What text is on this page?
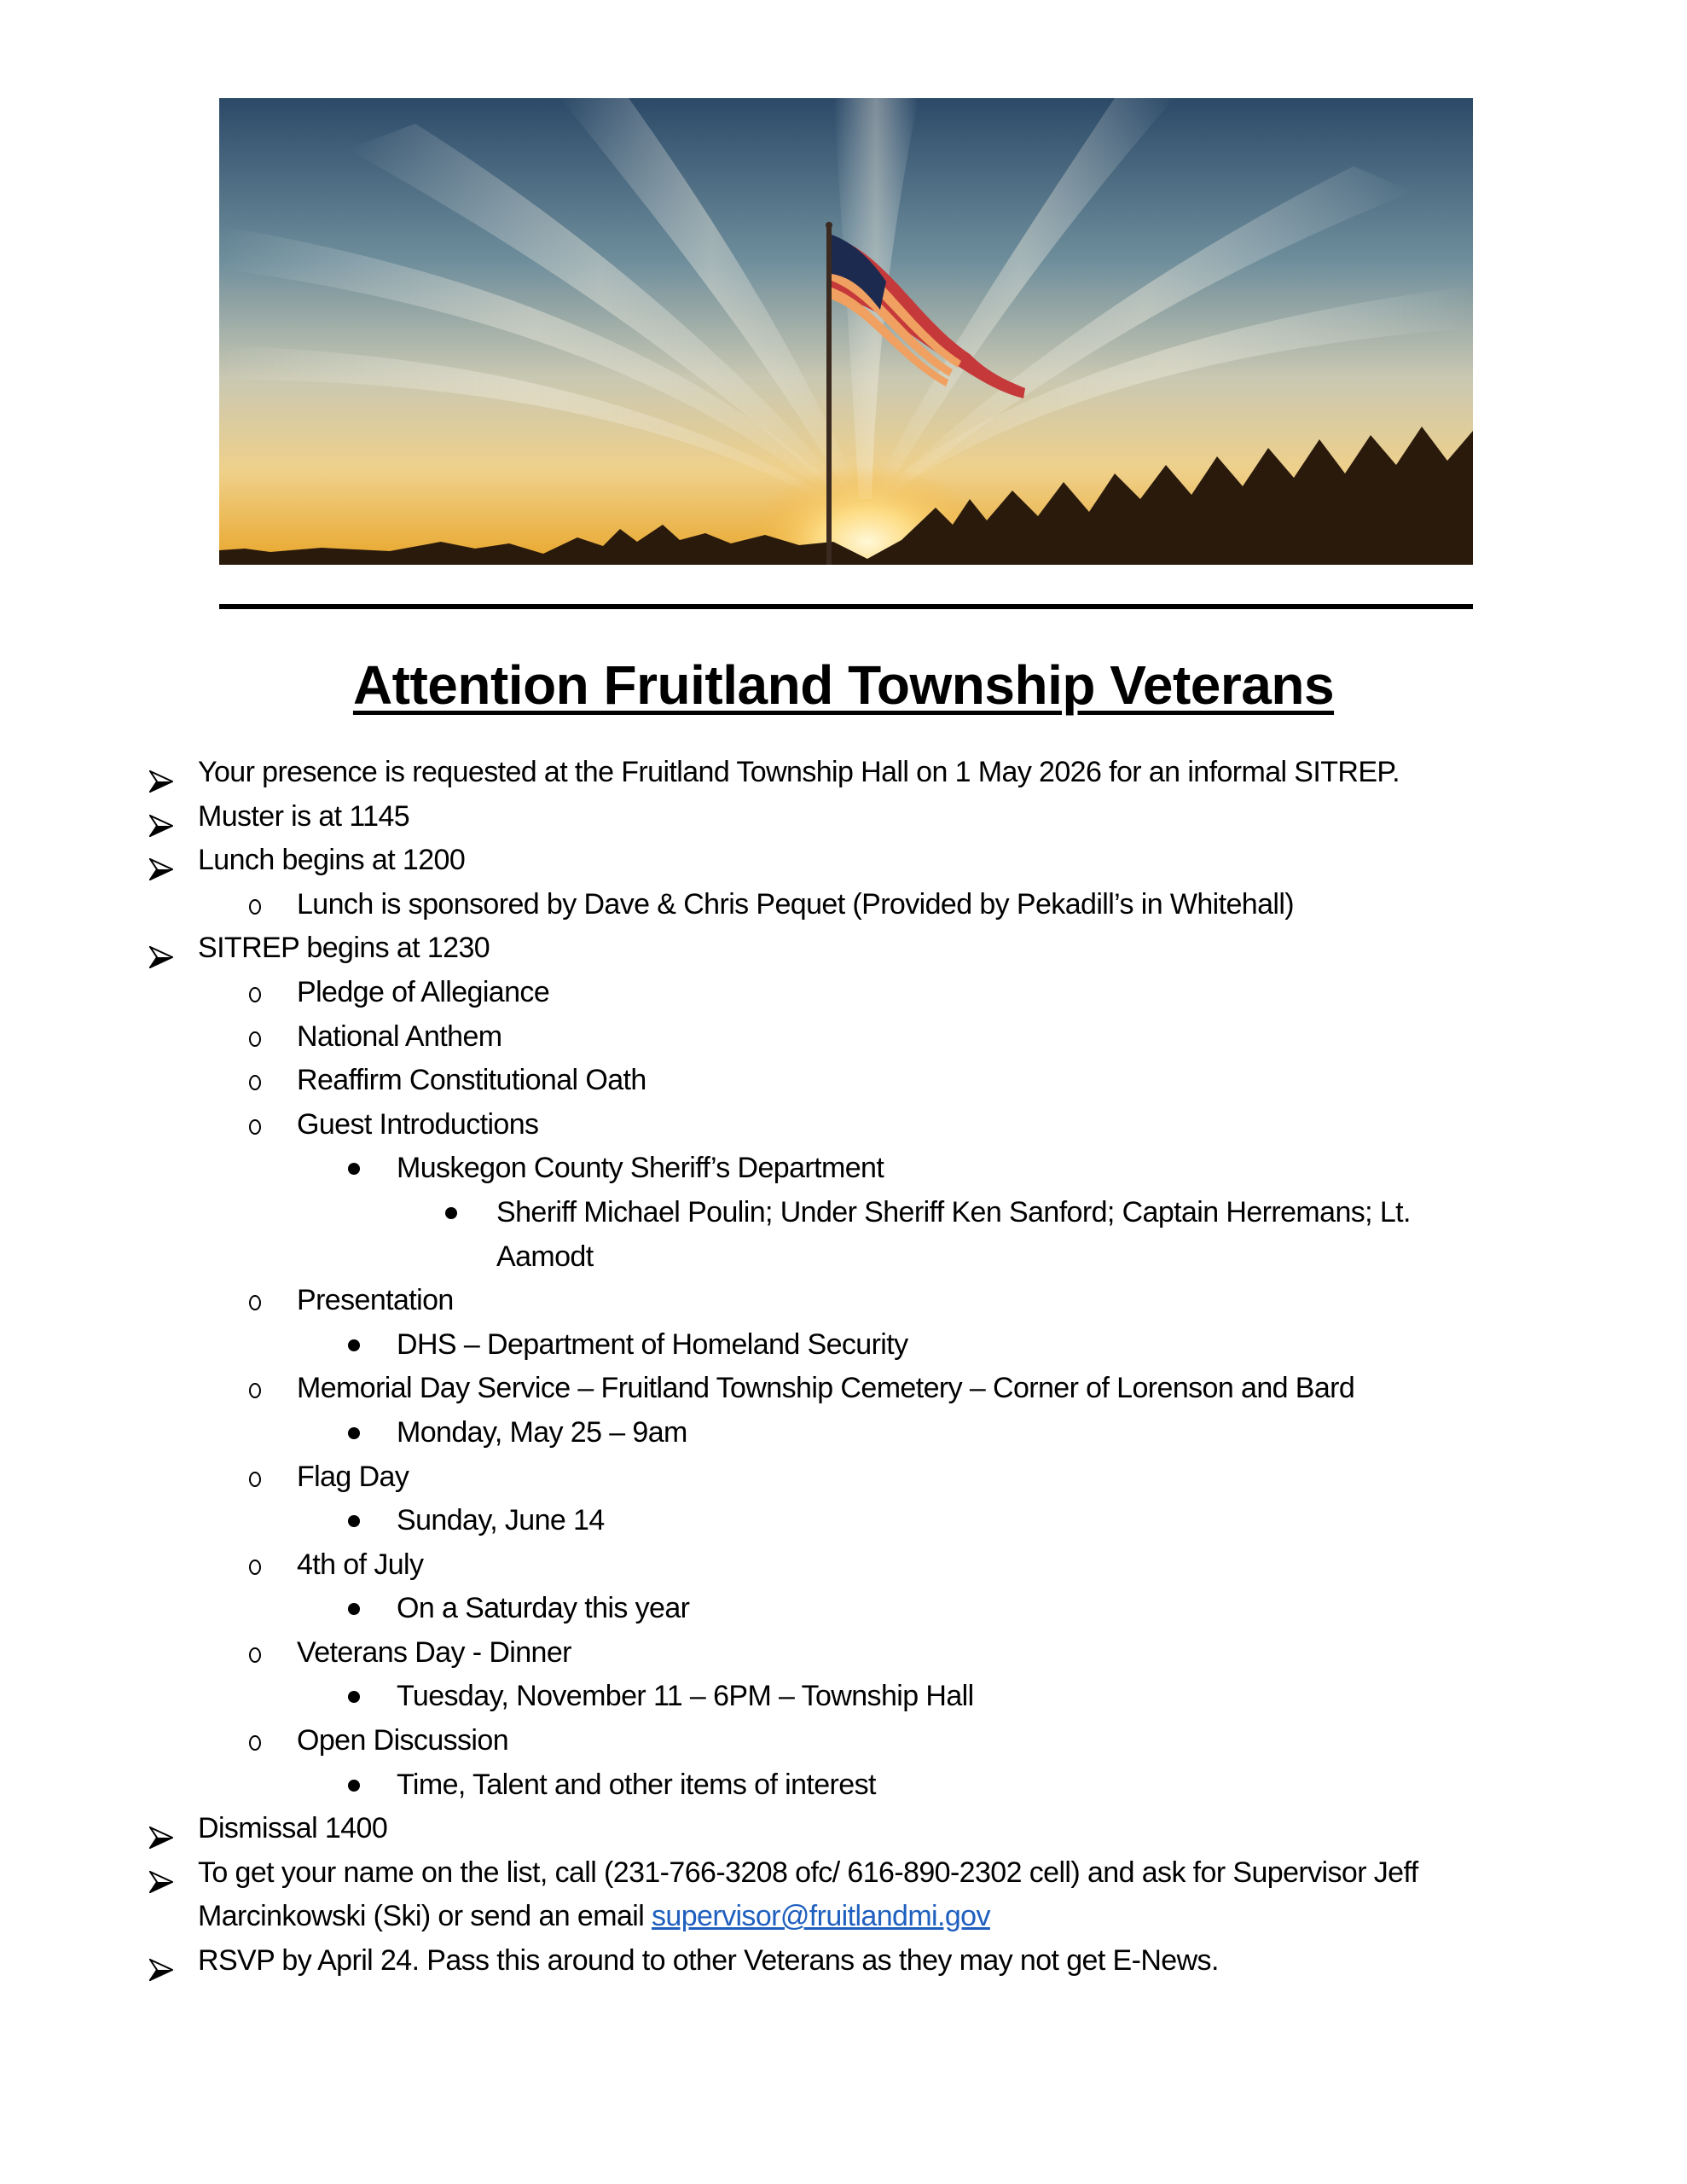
Attention Fruitland Township Veterans
Your presence is requested at the Fruitland Township Hall on 1 May 2026 for an informal SITREP.
Muster is at 1145
Lunch begins at 1200
Lunch is sponsored by Dave & Chris Pequet (Provided by Pekadill’s in Whitehall)
SITREP begins at 1230
Pledge of Allegiance
National Anthem
Reaffirm Constitutional Oath
Guest Introductions
Muskegon County Sheriff’s Department
Sheriff Michael Poulin; Under Sheriff Ken Sanford; Captain Herremans; Lt.
Aamodt
Presentation
DHS – Department of Homeland Security
Memorial Day Service – Fruitland Township Cemetery – Corner of Lorenson and Bard
Monday, May 25 – 9am
Flag Day
Sunday, June 14
4th of July
On a Saturday this year
Veterans Day - Dinner
Tuesday, November 11 – 6PM – Township Hall
Open Discussion
Time, Talent and other items of interest
Dismissal 1400
To get your name on the list, call (231-766-3208 ofc/ 616-890-2302 cell) and ask for Supervisor Jeff
Marcinkowski (Ski) or send an email supervisor@fruitlandmi.gov
RSVP by April 24. Pass this around to other Veterans as they may not get E-News.
